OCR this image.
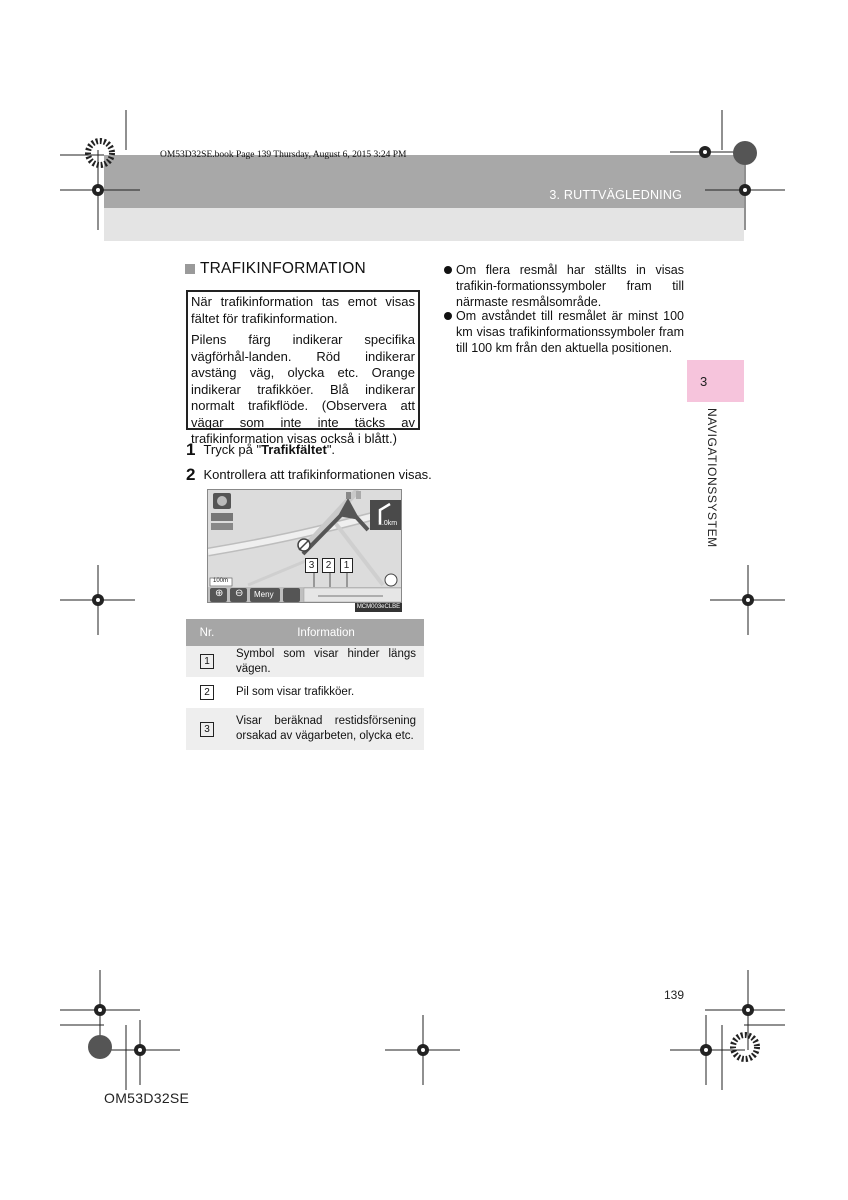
OM53D32SE.book Page 139 Thursday, August 6, 2015 3:24 PM
3. RUTTVÄGLEDNING
3
NAVIGATIONSSYSTEM
TRAFIKINFORMATION

När trafikinformation tas emot visas fältet för trafikinformation.

Pilens färg indikerar specifika vägförhål-landen. Röd indikerar avstäng väg, olycka etc. Orange indikerar trafikköer. Blå indikerar normalt trafikflöde. (Observera att vägar som inte inte täcks av trafikinformation visas också i blått.)

1 Tryck på "Trafikfältet".
2 Kontrollera att trafikinformationen visas.
1.0km
100m
Meny
⊕ ⊖
3	2	1
MCM003eCLBE
Nr.	Information
1	Symbol som visar hinder längs vägen.
2	Pil som visar trafikköer.
3	Visar beräknad restidsförsening orsakad av vägarbeten, olycka etc.
Om flera resmål har ställts in visas trafikin-formationssymboler fram till närmaste resmålsområde.
Om avståndet till resmålet är minst 100 km visas trafikinformationssymboler fram till 100 km från den aktuella positionen.
139
OM53D32SE
